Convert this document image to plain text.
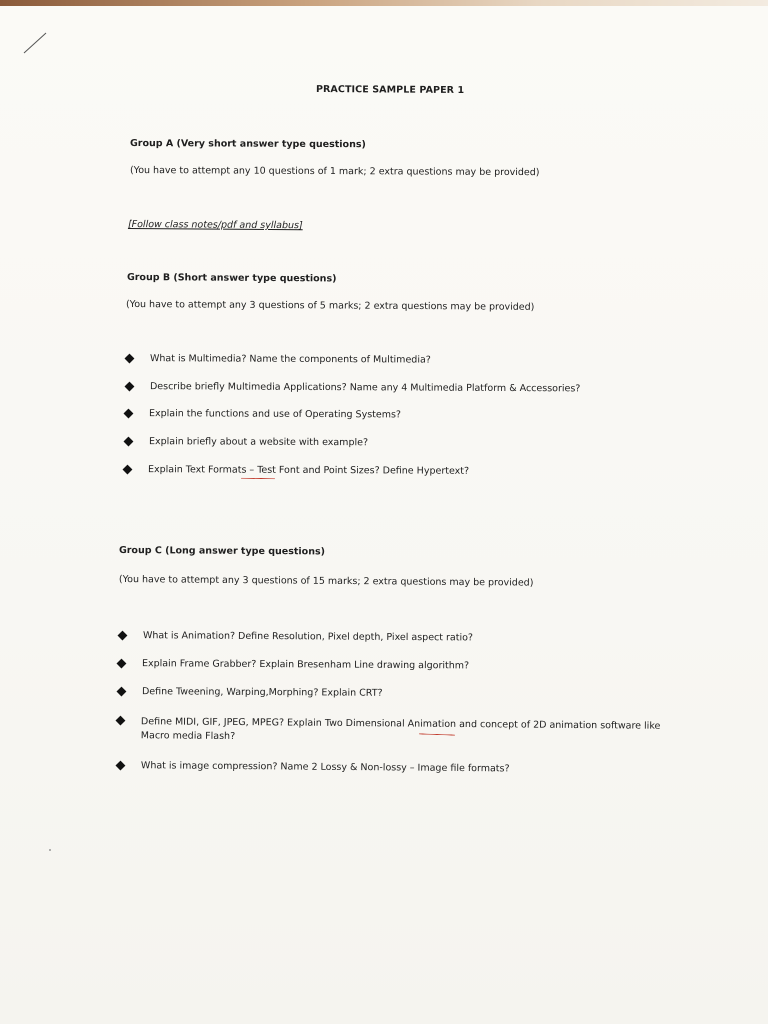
PRACTICE SAMPLE PAPER 1
Group A (Very short answer type questions)
(You have to attempt any 10 questions of 1 mark; 2 extra questions may be provided)
[Follow class notes/pdf and syllabus]
Group B (Short answer type questions)
(You have to attempt any 3 questions of 5 marks; 2 extra questions may be provided)
What is Multimedia? Name the components of Multimedia?
Describe briefly Multimedia Applications? Name any 4 Multimedia Platform & Accessories?
Explain the functions and use of Operating Systems?
Explain briefly about a website with example?
Explain Text Formats – Test Font and Point Sizes? Define Hypertext?
Group C (Long answer type questions)
(You have to attempt any 3 questions of 15 marks; 2 extra questions may be provided)
What is Animation? Define Resolution, Pixel depth, Pixel aspect ratio?
Explain Frame Grabber? Explain Bresenham Line drawing algorithm?
Define Tweening, Warping,Morphing? Explain CRT?
Define MIDI, GIF, JPEG, MPEG? Explain Two Dimensional Animation and concept of 2D animation software like Macro media Flash?
What is image compression? Name 2 Lossy & Non-lossy – Image file formats?
